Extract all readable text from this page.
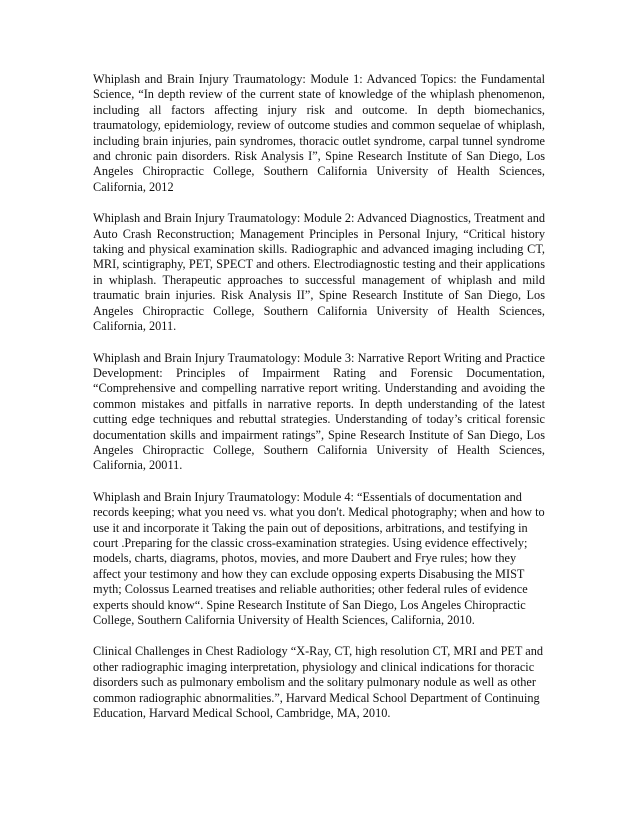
Whiplash and Brain Injury Traumatology: Module 1: Advanced Topics: the Fundamental Science, “In depth review of the current state of knowledge of the whiplash phenomenon, including all factors affecting injury risk and outcome. In depth biomechanics, traumatology, epidemiology, review of outcome studies and common sequelae of whiplash, including brain injuries, pain syndromes, thoracic outlet syndrome, carpal tunnel syndrome and chronic pain disorders. Risk Analysis I”, Spine Research Institute of San Diego, Los Angeles Chiropractic College, Southern California University of Health Sciences, California, 2012

Whiplash and Brain Injury Traumatology: Module 2: Advanced Diagnostics, Treatment and Auto Crash Reconstruction; Management Principles in Personal Injury, “Critical history taking and physical examination skills. Radiographic and advanced imaging including CT, MRI, scintigraphy, PET, SPECT and others. Electrodiagnostic testing and their applications in whiplash. Therapeutic approaches to successful management of whiplash and mild traumatic brain injuries. Risk Analysis II”, Spine Research Institute of San Diego, Los Angeles Chiropractic College, Southern California University of Health Sciences, California, 2011.

Whiplash and Brain Injury Traumatology: Module 3: Narrative Report Writing and Practice Development: Principles of Impairment Rating and Forensic Documentation, “Comprehensive and compelling narrative report writing. Understanding and avoiding the common mistakes and pitfalls in narrative reports. In depth understanding of the latest cutting edge techniques and rebuttal strategies. Understanding of today’s critical forensic documentation skills and impairment ratings”, Spine Research Institute of San Diego, Los Angeles Chiropractic College, Southern California University of Health Sciences, California, 20011.

Whiplash and Brain Injury Traumatology: Module 4: “Essentials of documentation and records keeping; what you need vs. what you don't. Medical photography; when and how to use it and incorporate it Taking the pain out of depositions, arbitrations, and testifying in court .Preparing for the classic cross-examination strategies. Using evidence effectively; models, charts, diagrams, photos, movies, and more Daubert and Frye rules; how they affect your testimony and how they can exclude opposing experts Disabusing the MIST myth; Colossus Learned treatises and reliable authorities; other federal rules of evidence experts should know“. Spine Research Institute of San Diego, Los Angeles Chiropractic College, Southern California University of Health Sciences, California, 2010.

Clinical Challenges in Chest Radiology “X-Ray, CT, high resolution CT, MRI and PET and other radiographic imaging interpretation, physiology and clinical indications for thoracic disorders such as pulmonary embolism and the solitary pulmonary nodule as well as other common radiographic abnormalities.”, Harvard Medical School Department of Continuing Education, Harvard Medical School, Cambridge, MA, 2010.
